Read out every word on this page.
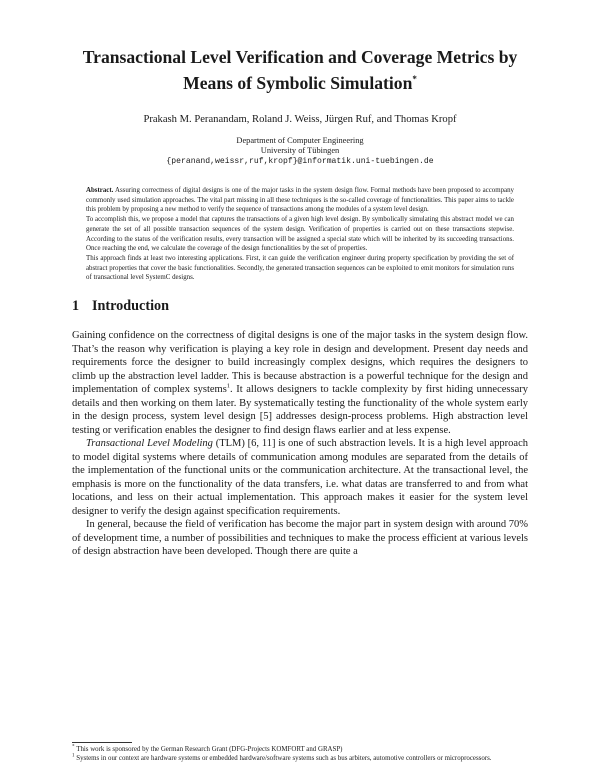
Transactional Level Verification and Coverage Metrics by
Means of Symbolic Simulation*
Prakash M. Peranandam, Roland J. Weiss, Jürgen Ruf, and Thomas Kropf
Department of Computer Engineering
University of Tübingen
{peranand,weissr,ruf,kropf}@informatik.uni-tuebingen.de

Abstract. Assuring correctness of digital designs is one of the major tasks in the system design flow. Formal methods have been proposed to accompany commonly used simulation approaches. The vital part missing in all these techniques is the so-called coverage of functionalities. This paper aims to tackle this problem by proposing a new method to verify the sequence of transactions among the modules of a system level design.

To accomplish this, we propose a model that captures the transactions of a given high level design. By symbolically simulating this abstract model we can generate the set of all possible transaction sequences of the system design. Verification of properties is carried out on these transactions stepwise. According to the status of the verification results, every transaction will be assigned a special state which will be inherited by its succeeding transactions. Once reaching the end, we calculate the coverage of the design functionalities by the set of properties.

This approach finds at least two interesting applications. First, it can guide the verification engineer during property specification by providing the set of abstract properties that cover the basic functionalities. Secondly, the generated transaction sequences can be exploited to emit monitors for simulation runs of transactional level SystemC designs.

1 Introduction

Gaining confidence on the correctness of digital designs is one of the major tasks in the system design flow. That’s the reason why verification is playing a key role in design and development. Present day needs and requirements force the designer to build increasingly complex designs, which requires the designers to climb up the abstraction level ladder. This is because abstraction is a powerful technique for the design and implementation of complex systems$^1$. It allows designers to tackle complexity by first hiding unnecessary details and then working on them later. By systematically testing the functionality of the whole system early in the design process, system level design [5] addresses design-process problems. High abstraction level testing or verification enables the designer to find design flaws earlier and at less expense.

Transactional Level Modeling (TLM) [6, 11] is one of such abstraction levels. It is a high level approach to model digital systems where details of communication among modules are separated from the details of the implementation of the functional units or the communication architecture. At the transactional level, the emphasis is more on the functionality of the data transfers, i.e. what datas are transferred to and from what locations, and less on their actual implementation. This approach makes it easier for the system level designer to verify the design against specification requirements.

In general, because the field of verification has become the major part in system design with around 70% of development time, a number of possibilities and techniques to make the process efficient at various levels of design abstraction have been developed. Though there are quite a

* This work is sponsored by the German Research Grant (DFG-Projects KOMFORT and GRASP)

$^1$ Systems in our context are hardware systems or embedded hardware/software systems such as bus arbiters, automotive controllers or microprocessors.
